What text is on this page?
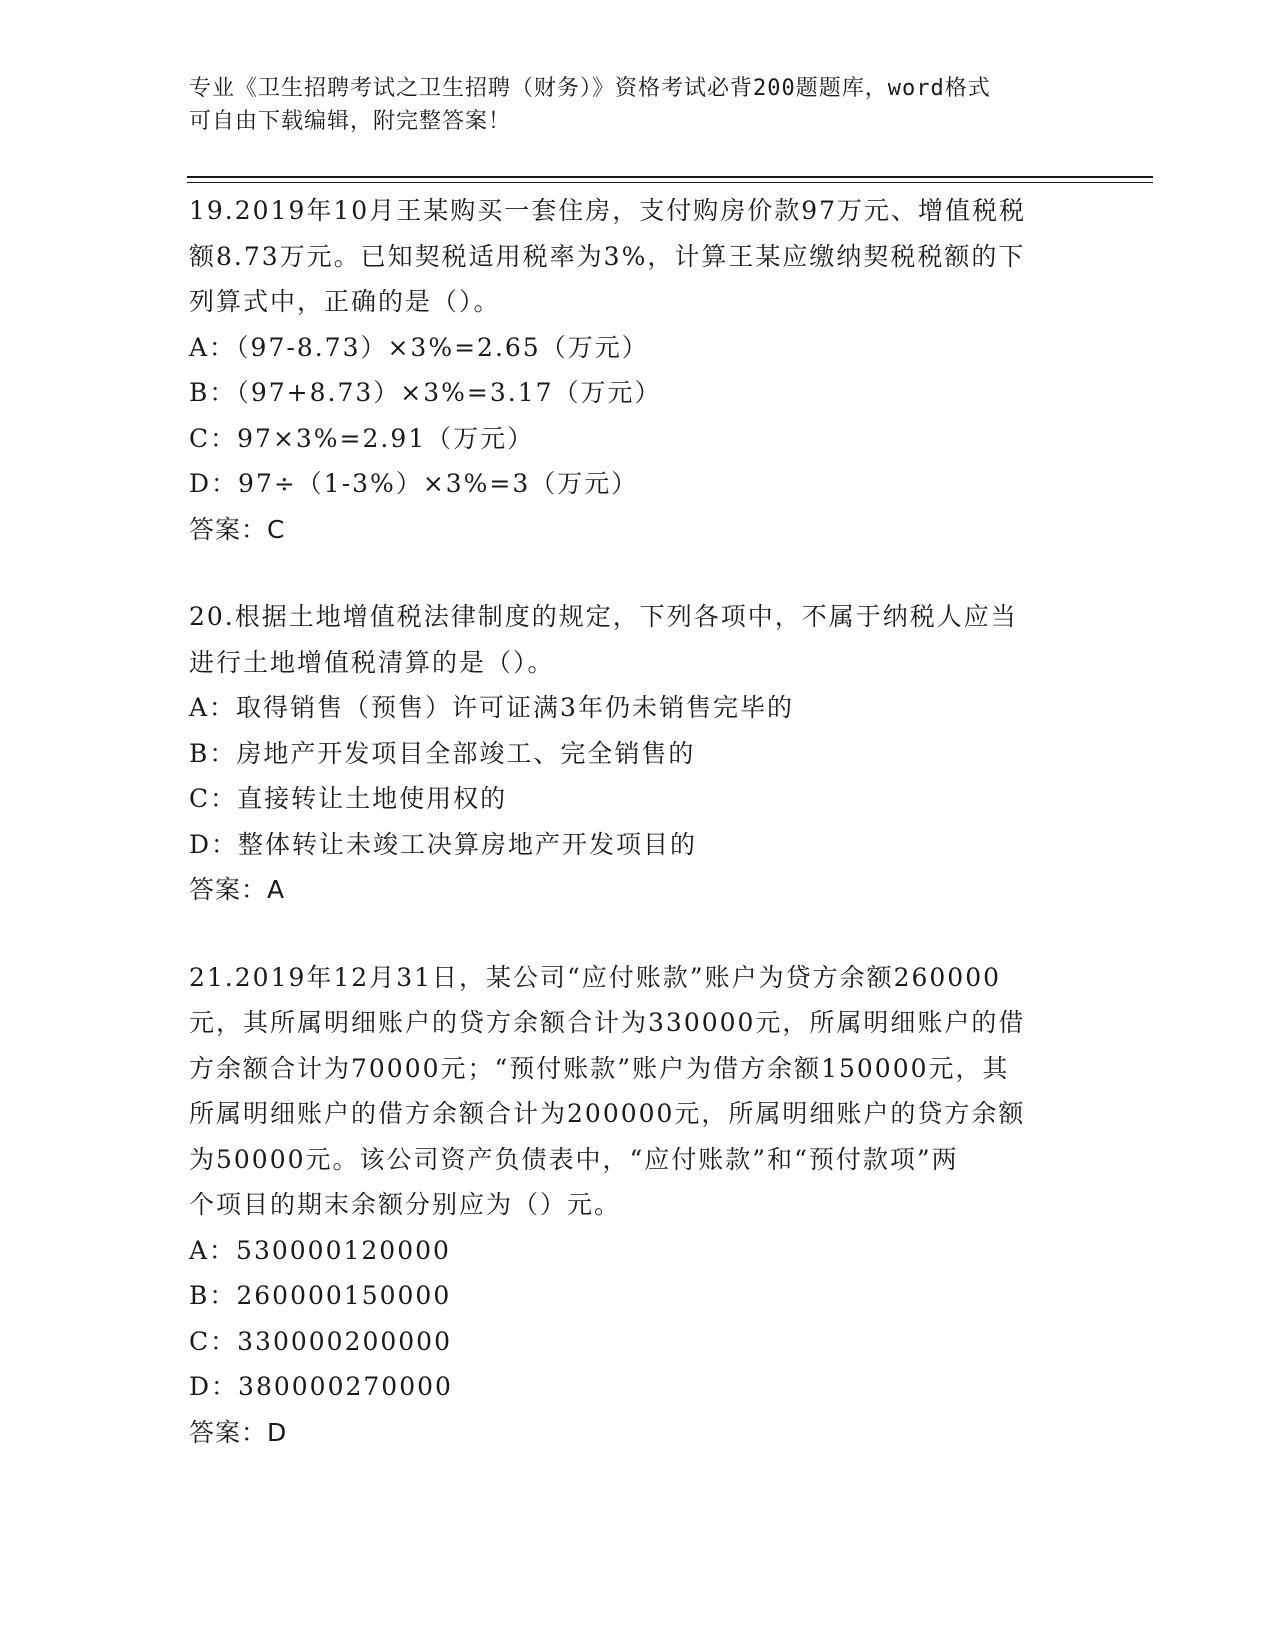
专业《卫生招聘考试之卫生招聘（财务）》资格考试必背200题题库，word格式
可自由下载编辑，附完整答案！
19.2019年10月王某购买一套住房，支付购房价款97万元、增值税税
额8.73万元。已知契税适用税率为3%，计算王某应缴纳契税税额的下
列算式中，正确的是（）。
A：（97-8.73）×3%=2.65（万元）
B：（97+8.73）×3%=3.17（万元）
C：97×3%=2.91（万元）
D：97÷（1-3%）×3%=3（万元）
答案：C
20.根据土地增值税法律制度的规定，下列各项中，不属于纳税人应当
进行土地增值税清算的是（）。
A：取得销售（预售）许可证满3年仍未销售完毕的
B：房地产开发项目全部竣工、完全销售的
C：直接转让土地使用权的
D：整体转让未竣工决算房地产开发项目的
答案：A
21.2019年12月31日，某公司“应付账款”账户为贷方余额260000
元，其所属明细账户的贷方余额合计为330000元，所属明细账户的借
方余额合计为70000元；“预付账款”账户为借方余额150000元，其
所属明细账户的借方余额合计为200000元，所属明细账户的贷方余额
为50000元。该公司资产负债表中，“应付账款”和“预付款项”两
个项目的期末余额分别应为（）元。
A：530000120000
B：260000150000
C：330000200000
D：380000270000
答案：D
